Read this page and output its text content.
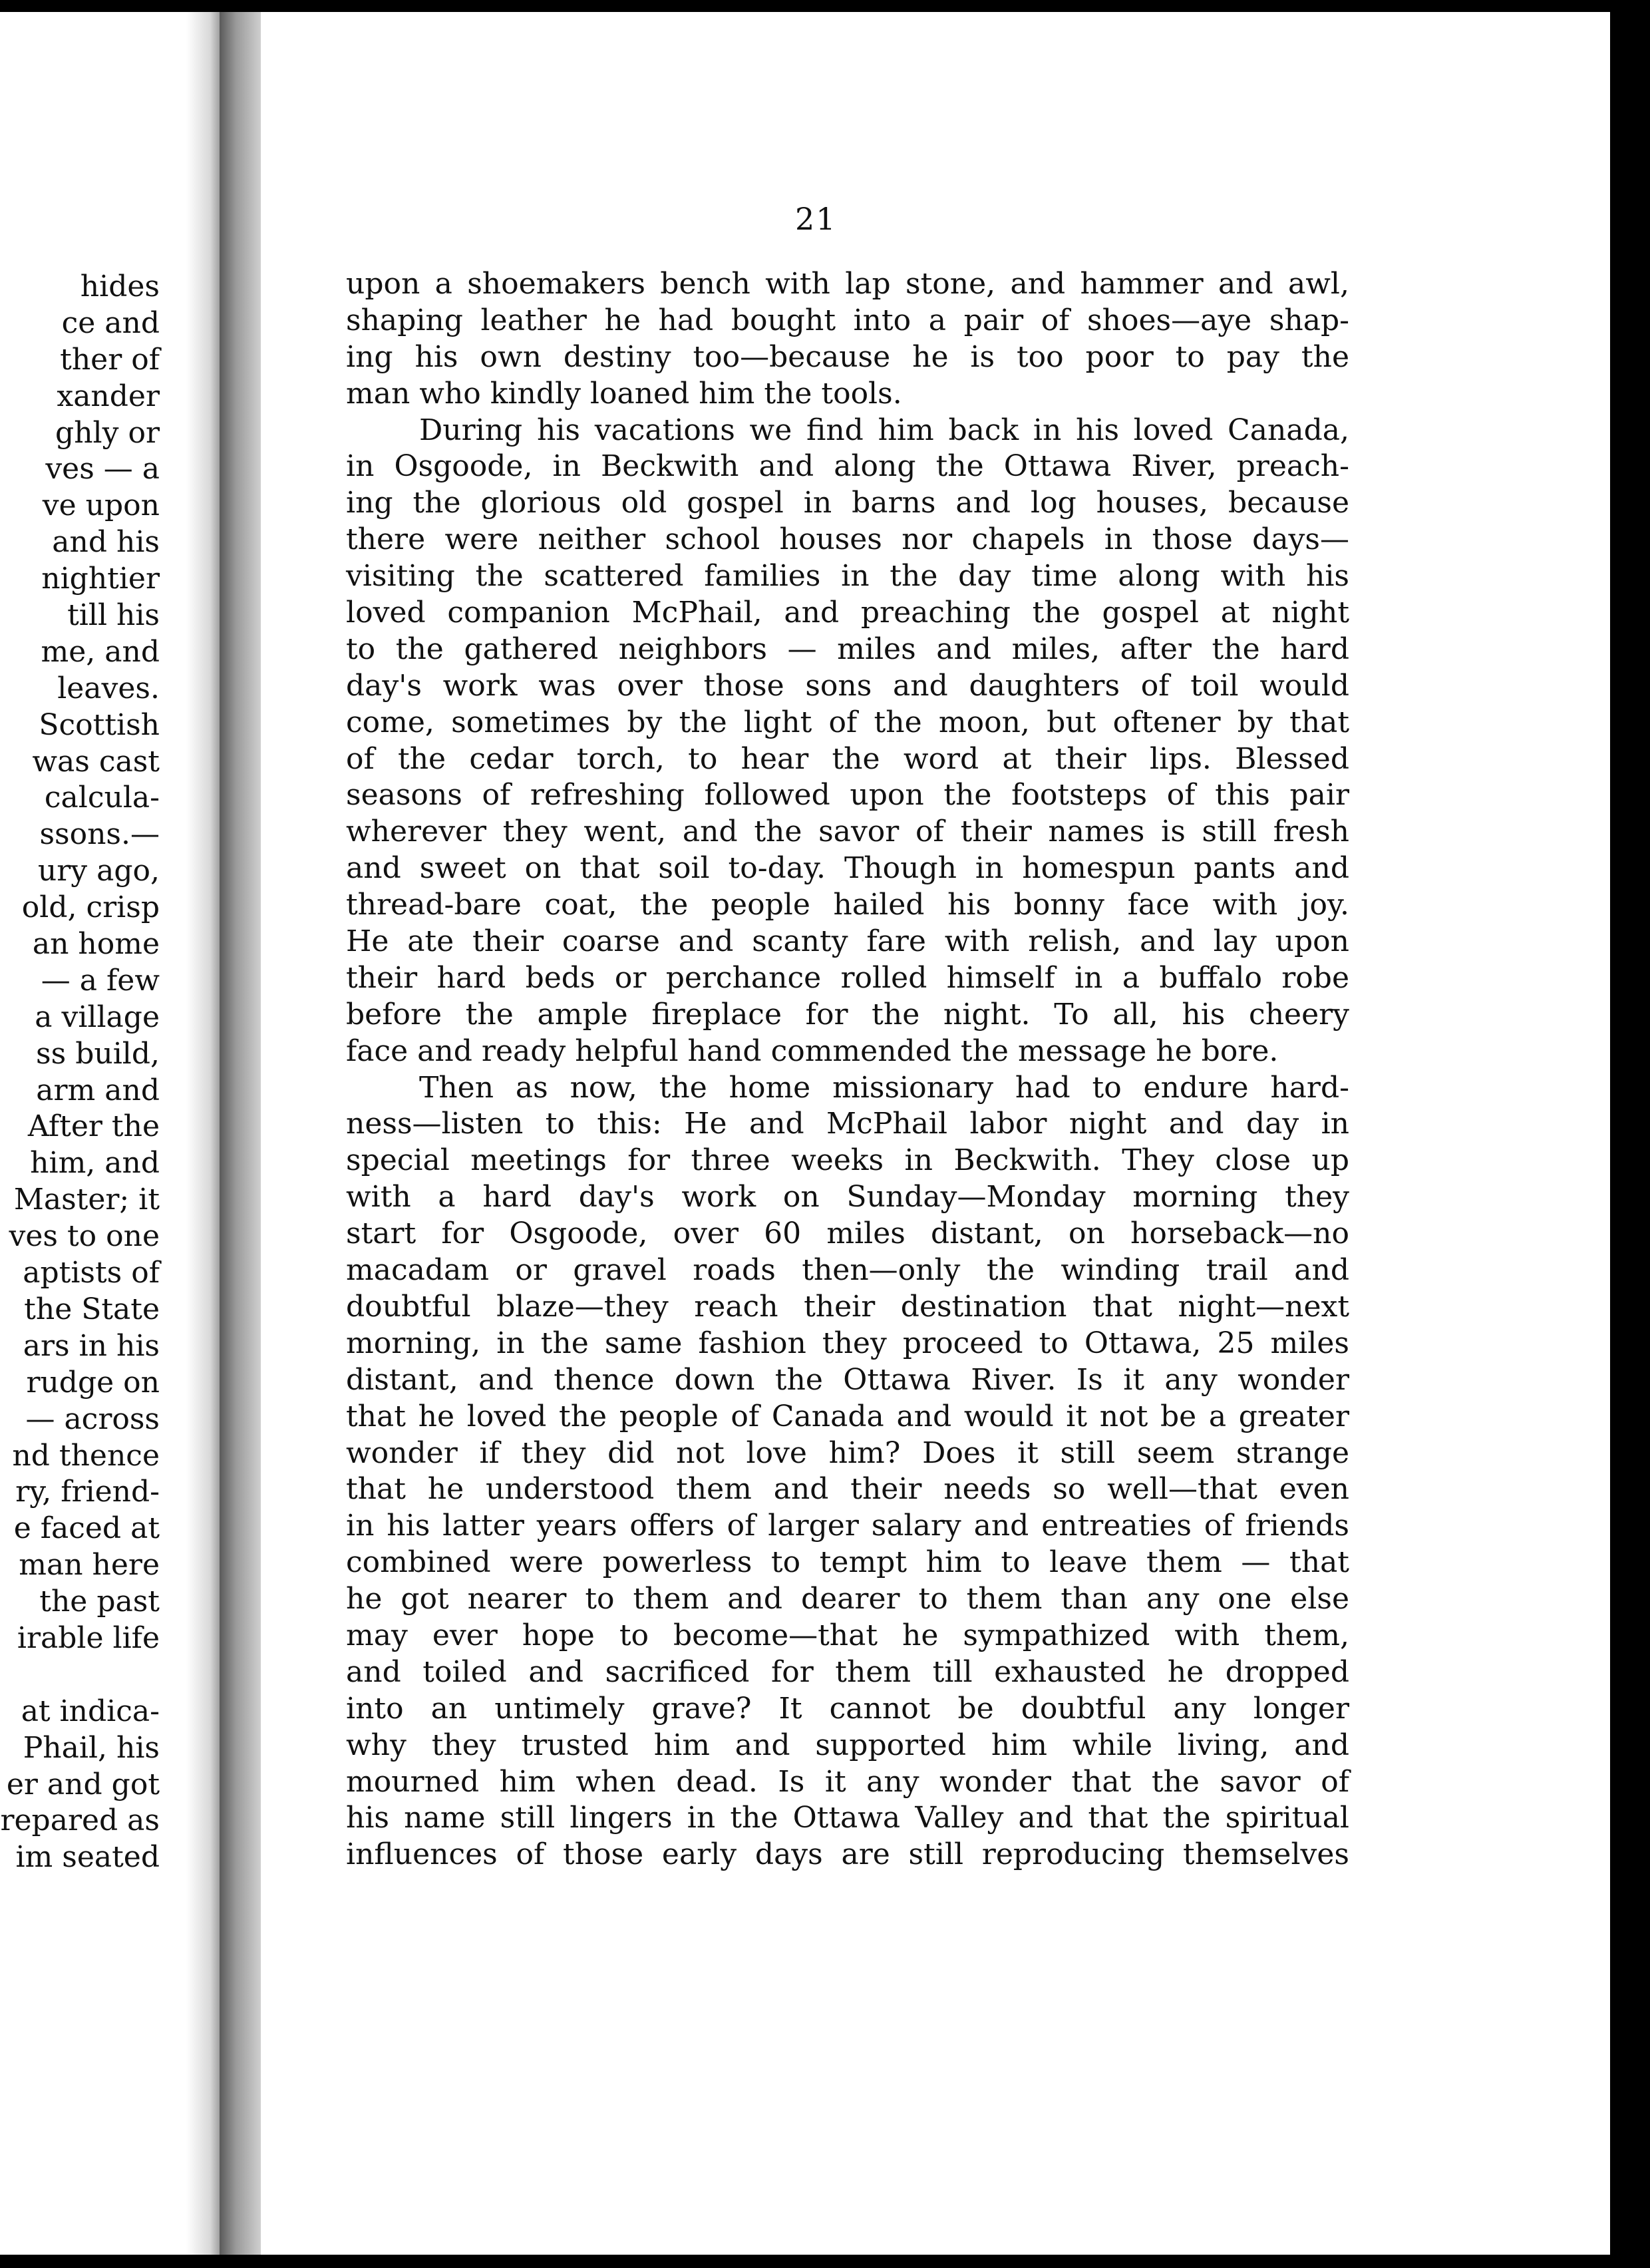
hides
ce and
ther of
xander
ghly or
ves — a
ve upon
and his
nightier
till his
me, and
leaves.
Scottish
was cast
calcula-
ssons.—
ury ago,
old, crisp
an home
— a few
a village
ss build,
arm and
After the
him, and
Master; it
ves to one
aptists of
the State
ars in his
rudge on
— across
nd thence
ry, friend-
e faced at
man here
the past
irable life
at indica-
Phail, his
er and got
repared as
im seated
21
upon a shoemakers bench with lap stone, and hammer and awl,
shaping leather he had bought into a pair of shoes—aye shap-
ing his own destiny too—because he is too poor to pay the
man who kindly loaned him the tools.
During his vacations we find him back in his loved Canada,
in Osgoode, in Beckwith and along the Ottawa River, preach-
ing the glorious old gospel in barns and log houses, because
there were neither school houses nor chapels in those days—
visiting the scattered families in the day time along with his
loved companion McPhail, and preaching the gospel at night
to the gathered neighbors — miles and miles, after the hard
day's work was over those sons and daughters of toil would
come, sometimes by the light of the moon, but oftener by that
of the cedar torch, to hear the word at their lips. Blessed
seasons of refreshing followed upon the footsteps of this pair
wherever they went, and the savor of their names is still fresh
and sweet on that soil to-day. Though in homespun pants and
thread-bare coat, the people hailed his bonny face with joy.
He ate their coarse and scanty fare with relish, and lay upon
their hard beds or perchance rolled himself in a buffalo robe
before the ample fireplace for the night. To all, his cheery
face and ready helpful hand commended the message he bore.
Then as now, the home missionary had to endure hard-
ness—listen to this: He and McPhail labor night and day in
special meetings for three weeks in Beckwith. They close up
with a hard day's work on Sunday—Monday morning they
start for Osgoode, over 60 miles distant, on horseback—no
macadam or gravel roads then—only the winding trail and
doubtful blaze—they reach their destination that night—next
morning, in the same fashion they proceed to Ottawa, 25 miles
distant, and thence down the Ottawa River. Is it any wonder
that he loved the people of Canada and would it not be a greater
wonder if they did not love him? Does it still seem strange
that he understood them and their needs so well—that even
in his latter years offers of larger salary and entreaties of friends
combined were powerless to tempt him to leave them — that
he got nearer to them and dearer to them than any one else
may ever hope to become—that he sympathized with them,
and toiled and sacrificed for them till exhausted he dropped
into an untimely grave? It cannot be doubtful any longer
why they trusted him and supported him while living, and
mourned him when dead. Is it any wonder that the savor of
his name still lingers in the Ottawa Valley and that the spiritual
influences of those early days are still reproducing themselves
